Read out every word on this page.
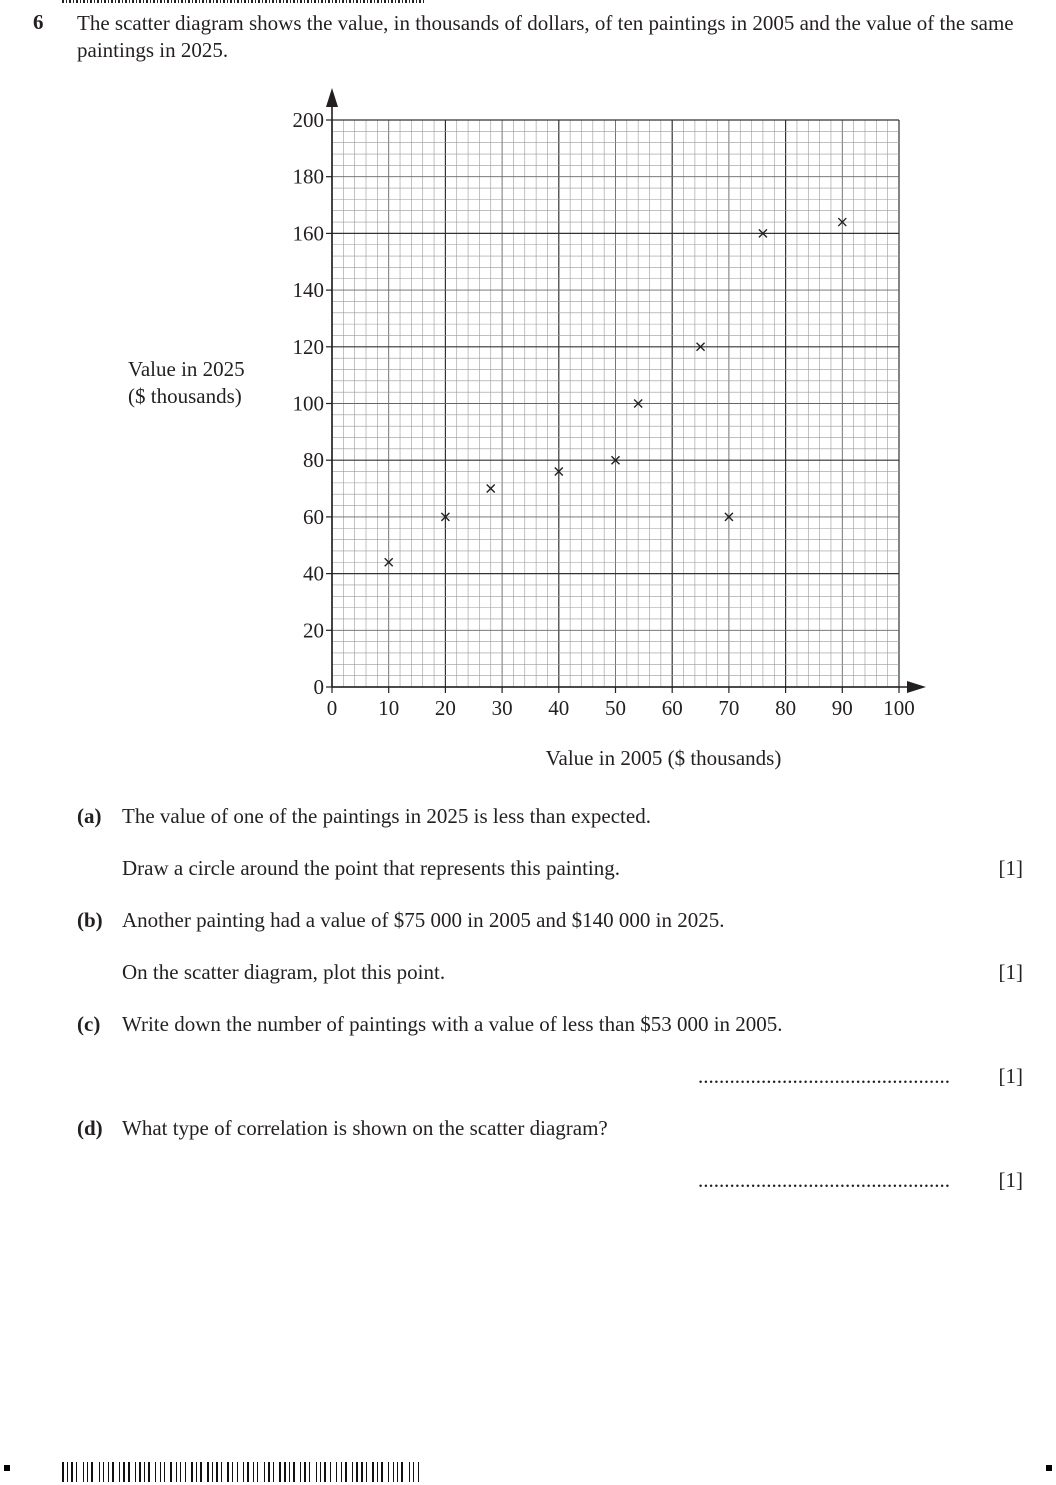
6 The scatter diagram shows the value, in thousands of dollars, of ten paintings in 2005 and the value of the same paintings in 2025.
0 10 20 30 40 50 60 70 80 90 100
0
20
40
60
80
100
120
140
160
180
200
Value in 2005 ($ thousands)
Value in 2025
($ thousands)
(a) The value of one of the paintings in 2025 is less than expected.
Draw a circle around the point that represents this painting.	[1]
(b) Another painting had a value of $75 000 in 2005 and $140 000 in 2025.
On the scatter diagram, plot this point.	[1]
(c) Write down the number of paintings with a value of less than $53 000 in 2005.
................................................ [1]
(d) What type of correlation is shown on the scatter diagram?
................................................ [1]
